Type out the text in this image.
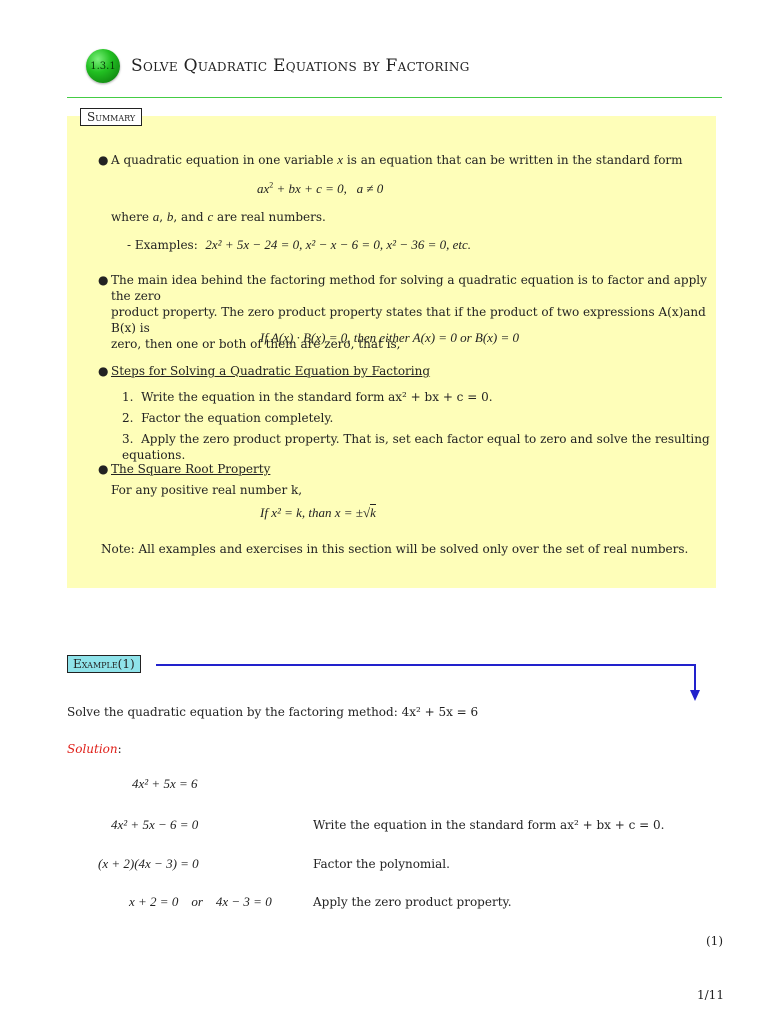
1.3.1 Solve Quadratic Equations by Factoring
Summary
● A quadratic equation in one variable x is an equation that can be written in the standard form
$ax^2$ + bx + c = 0, a ≠ 0
where a, b, and c are real numbers.
- Examples: 2x² + 5x − 24 = 0, x² − x − 6 = 0, x² − 36 = 0, etc.
● The main idea behind the factoring method for solving a quadratic equation is to factor and apply the zero
product property. The zero product property states that if the product of two expressions A(x)and B(x) is
zero, then one or both of them are zero, that is,
If A(x) · B(x) = 0, then either A(x) = 0 or B(x) = 0
● Steps for Solving a Quadratic Equation by Factoring
1. Write the equation in the standard form ax² + bx + c = 0.
2. Factor the equation completely.
3. Apply the zero product property. That is, set each factor equal to zero and solve the resulting equations.
● The Square Root Property
For any positive real number k,
If x² = k, than x = ±√k
Note: All examples and exercises in this section will be solved only over the set of real numbers.
Example(1)
Solve the quadratic equation by the factoring method: 4x² + 5x = 6
Solution:
4x² + 5x = 6
4x² + 5x − 6 = 0	Write the equation in the standard form ax² + bx + c = 0.
(x + 2)(4x − 3) = 0	Factor the polynomial.
x + 2 = 0    or    4x − 3 = 0	Apply the zero product property.
(1)
1/11
